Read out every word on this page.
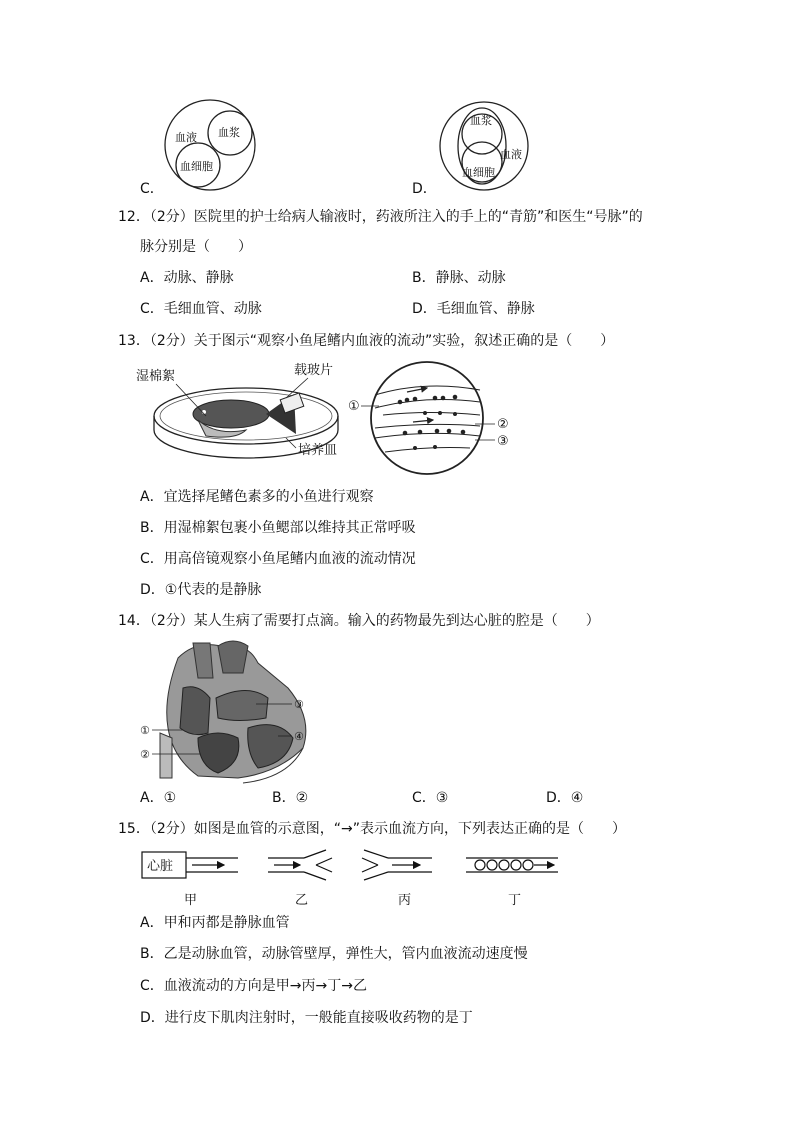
血液 血浆
血细胞
C．
血浆
血液
血细胞
D．
12．（2分）医院里的护士给病人输液时，药液所注入的手上的“青筋”和医生“号脉”的
脉分别是（　　）
A．动脉、静脉	B．静脉、动脉
C．毛细血管、动脉	D．毛细血管、静脉
13．（2分）关于图示“观察小鱼尾鳍内血液的流动”实验，叙述正确的是（　　）
湿棉絮	载玻片
培养皿
①
②
③
A．宜选择尾鳍色素多的小鱼进行观察
B．用湿棉絮包裹小鱼鳃部以维持其正常呼吸
C．用高倍镜观察小鱼尾鳍内血液的流动情况
D．①代表的是静脉
14．（2分）某人生病了需要打点滴。输入的药物最先到达心脏的腔是（　　）
①
②
③
④
A．①	B．②	C．③	D．④
15．（2分）如图是血管的示意图，“→”表示血流方向，下列表达正确的是（　　）
心脏
甲	乙	丙	丁
A．甲和丙都是静脉血管
B．乙是动脉血管，动脉管壁厚，弹性大，管内血液流动速度慢
C．血液流动的方向是甲→丙→丁→乙
D．进行皮下肌肉注射时，一般能直接吸收药物的是丁
